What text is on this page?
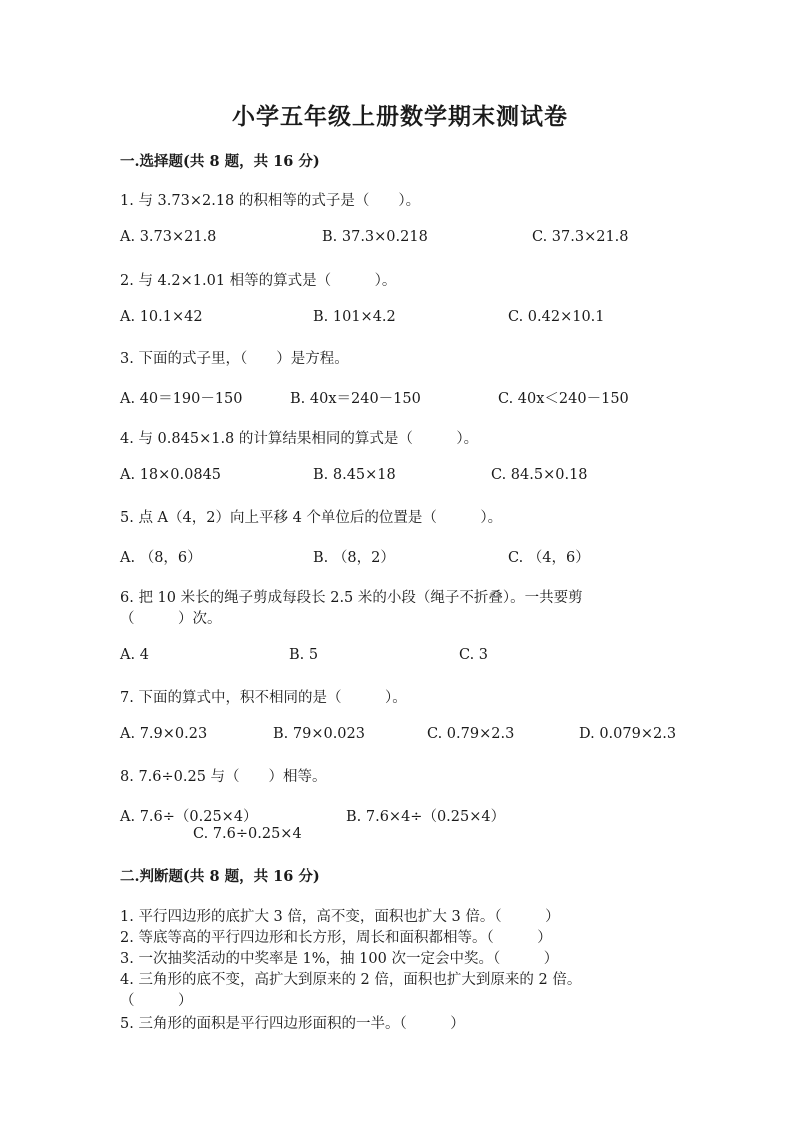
小学五年级上册数学期末测试卷
一.选择题(共 8 题，共 16 分)
1. 与 3.73×2.18 的积相等的式子是（　　）。
A. 3.73×21.8	B. 37.3×0.218	C. 37.3×21.8
2. 与 4.2×1.01 相等的算式是（　　　）。
A. 10.1×42	B. 101×4.2	C. 0.42×10.1
3. 下面的式子里，（　　）是方程。
A. 40＝190－150	B. 40x＝240－150	C. 40x＜240－150
4. 与 0.845×1.8 的计算结果相同的算式是（　　　）。
A. 18×0.0845	B. 8.45×18	C. 84.5×0.18
5. 点 A（4，2）向上平移 4 个单位后的位置是（　　　）。
A. （8，6）	B. （8，2）	C. （4，6）
6. 把 10 米长的绳子剪成每段长 2.5 米的小段（绳子不折叠）。一共要剪
（　　　）次。
A. 4	B. 5	C. 3
7. 下面的算式中，积不相同的是（　　　）。
A. 7.9×0.23	B. 79×0.023	C. 0.79×2.3	D. 0.079×2.3
8. 7.6÷0.25 与（　　）相等。
A. 7.6÷（0.25×4）	B. 7.6×4÷（0.25×4）
C. 7.6÷0.25×4
二.判断题(共 8 题，共 16 分)
1. 平行四边形的底扩大 3 倍，高不变，面积也扩大 3 倍。（　　　）
2. 等底等高的平行四边形和长方形，周长和面积都相等。（　　　）
3. 一次抽奖活动的中奖率是 1%，抽 100 次一定会中奖。（　　　）
4. 三角形的底不变，高扩大到原来的 2 倍，面积也扩大到原来的 2 倍。
（　　　）
5. 三角形的面积是平行四边形面积的一半。（　　　）
